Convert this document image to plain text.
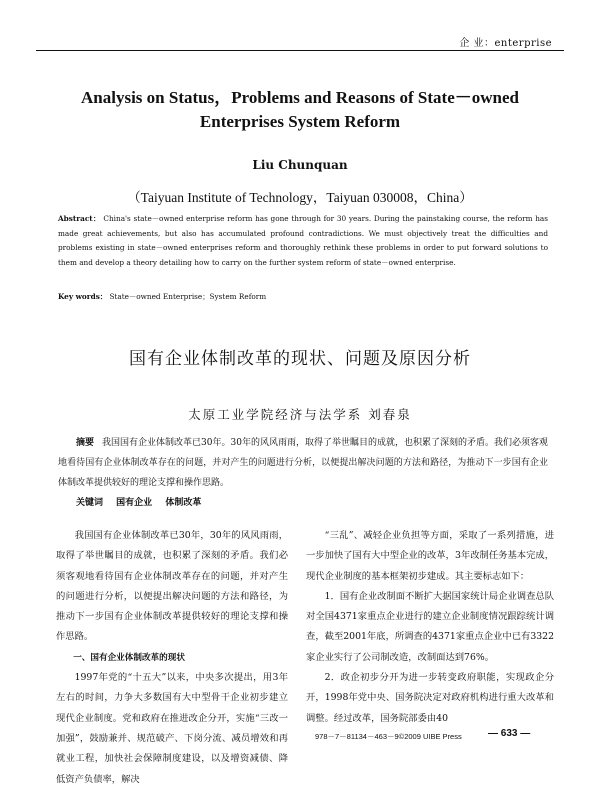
企 业：enterprise
Analysis on Status，Problems and Reasons of State－owned
Enterprises System Reform
Liu Chunquan
（Taiyuan Institute of Technology，Taiyuan 030008，China）
Abstract： China's state－owned enterprise reform has gone through for 30 years. During the painstaking course, the reform has made great achievements, but also has accumulated profound contradictions. We must objectively treat the difficulties and problems existing in state－owned enterprises reform and thoroughly rethink these problems in order to put forward solutions to them and develop a theory detailing how to carry on the further system reform of state－owned enterprise.
Key words： State－owned Enterprise；System Reform
国有企业体制改革的现状、问题及原因分析
太原工业学院经济与法学系 刘春泉
摘要 我国国有企业体制改革已30年。30年的风风雨雨，取得了举世瞩目的成就，也积累了深刻的矛盾。我们必须客观地看待国有企业体制改革存在的问题，并对产生的问题进行分析，以便提出解决问题的方法和路径，为推动下一步国有企业体制改革提供较好的理论支撑和操作思路。
关键词 国有企业 体制改革

我国国有企业体制改革已30年，30年的风风雨雨，取得了举世瞩目的成就，也积累了深刻的矛盾。我们必须客观地看待国有企业体制改革存在的问题，并对产生的问题进行分析，以便提出解决问题的方法和路径，为推动下一步国有企业体制改革提供较好的理论支撑和操作思路。

一、国有企业体制改革的现状

1997年党的“十五大”以来，中央多次提出，用3年左右的时间，力争大多数国有大中型骨干企业初步建立现代企业制度。党和政府在推进改企分开，实施“三改一加强”，鼓励兼并、规范破产、下岗分流、减员增效和再就业工程，加快社会保障制度建设，以及增资减债、降低资产负债率，解决

“三乱”、减轻企业负担等方面，采取了一系列措施，进一步加快了国有大中型企业的改革，3年改制任务基本完成，现代企业制度的基本框架初步建成。其主要标志如下：

1．国有企业改制面不断扩大据国家统计局企业调查总队对全国4371家重点企业进行的建立企业制度情况跟踪统计调查，截至2001年底，所调查的4371家重点企业中已有3322家企业实行了公司制改造，改制面达到76%。

2．政企初步分开为进一步转变政府职能，实现政企分开，1998年党中央、国务院决定对政府机构进行重大改革和调整。经过改革，国务院部委由40

978－7－81134－463－9©2009 UIBE Press	— 633 —
